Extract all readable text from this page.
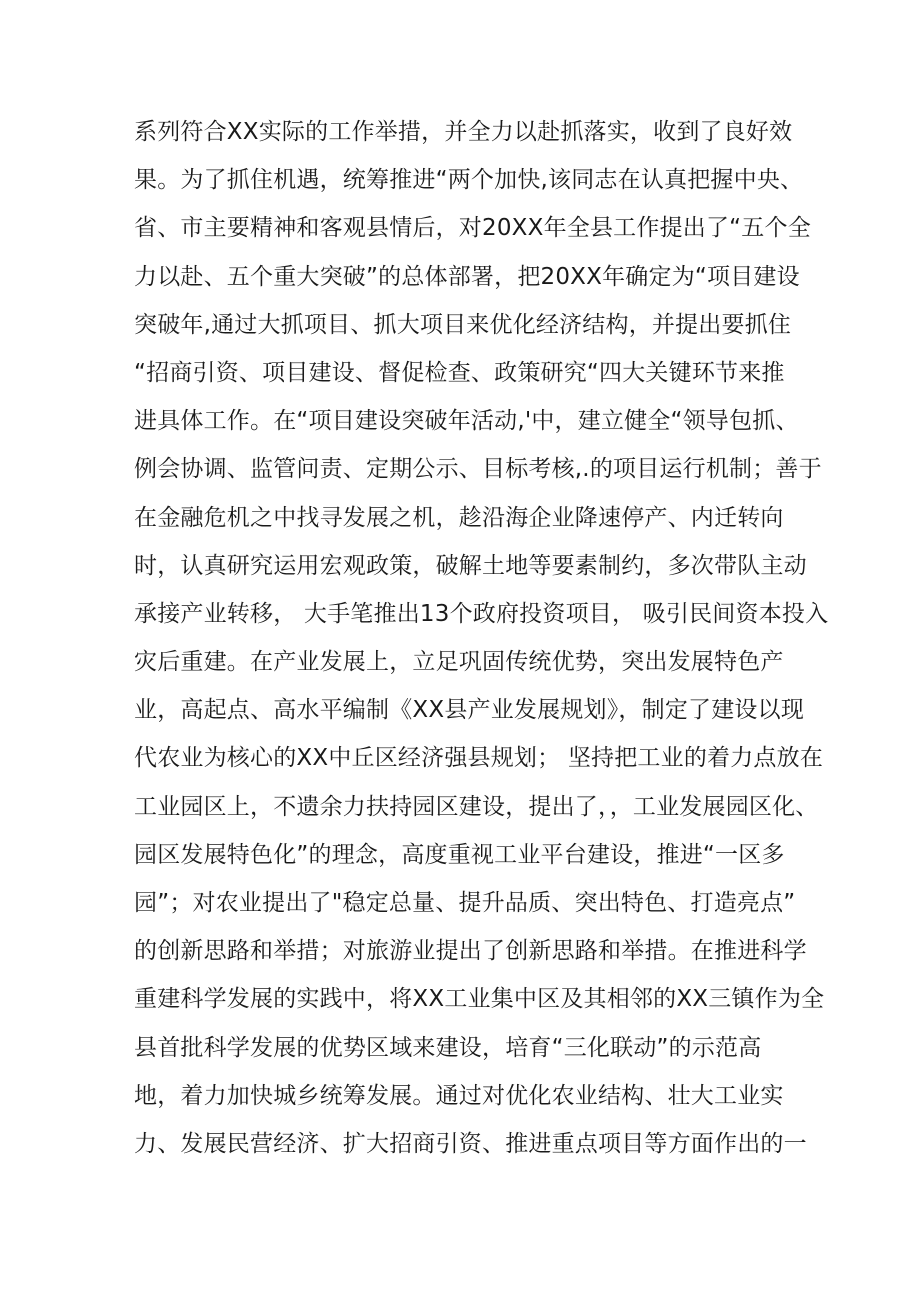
系列符合XX实际的工作举措，并全力以赴抓落实，收到了良好效
果。为了抓住机遇，统筹推进“两个加快,该同志在认真把握中央、
省、市主要精神和客观县情后，对20XX年全县工作提出了“五个全
力以赴、五个重大突破”的总体部署，把20XX年确定为“项目建设
突破年,通过大抓项目、抓大项目来优化经济结构，并提出要抓住
“招商引资、项目建设、督促检查、政策研究“四大关键环节来推
进具体工作。在“项目建设突破年活动,'中，建立健全“领导包抓、
例会协调、监管问责、定期公示、目标考核,.的项目运行机制；善于
在金融危机之中找寻发展之机，趁沿海企业降速停产、内迁转向
时，认真研究运用宏观政策，破解土地等要素制约，多次带队主动
承接产业转移， 大手笔推出13个政府投资项目， 吸引民间资本投入
灾后重建。在产业发展上，立足巩固传统优势，突出发展特色产
业，高起点、高水平编制《XX县产业发展规划》，制定了建设以现
代农业为核心的XX中丘区经济强县规划； 坚持把工业的着力点放在
工业园区上，不遗余力扶持园区建设，提出了，，工业发展园区化、
园区发展特色化”的理念，高度重视工业平台建设，推进“一区多
园”；对农业提出了"稳定总量、提升品质、突出特色、打造亮点”
的创新思路和举措；对旅游业提出了创新思路和举措。在推进科学
重建科学发展的实践中，将XX工业集中区及其相邻的XX三镇作为全
县首批科学发展的优势区域来建设，培育“三化联动”的示范高
地，着力加快城乡统筹发展。通过对优化农业结构、壮大工业实
力、发展民营经济、扩大招商引资、推进重点项目等方面作出的一
